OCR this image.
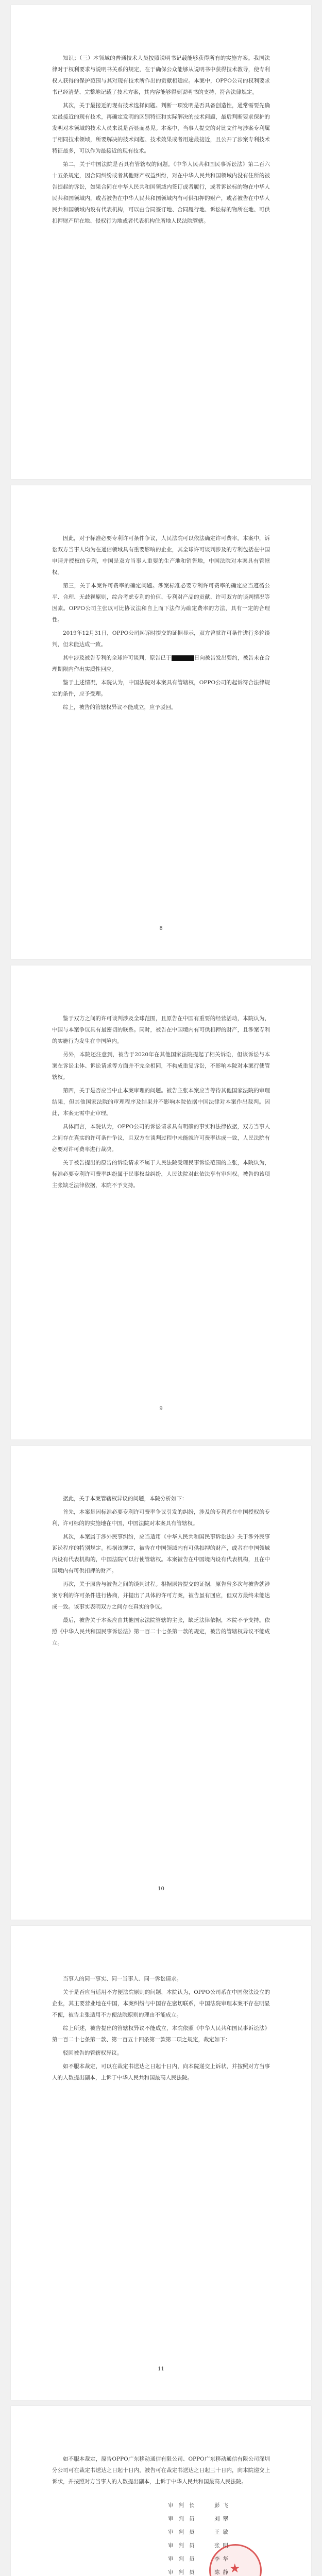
知识；（三）本领域的普通技术人员按照说明书记载能够获得所有的实施方案。我国法律对于权利要求与说明书关系的规定，在于确保公众能够从说明书中获得技术教导，使专利权人获得的保护范围与其对现有技术所作出的贡献相适应。本案中，OPPO公司的权利要求书已经清楚、完整地记载了技术方案，其内容能够得到说明书的支持，符合法律规定。

其次，关于最接近的现有技术选择问题。判断一项发明是否具备创造性，通常需要先确定最接近的现有技术，再确定发明的区别特征和实际解决的技术问题，最后判断要求保护的发明对本领域的技术人员来说是否显而易见。本案中，当事人提交的对比文件与涉案专利属于相同技术领域，所要解决的技术问题、技术效果或者用途最接近，且公开了涉案专利技术特征最多，可以作为最接近的现有技术。

第二，关于中国法院是否具有管辖权的问题。《中华人民共和国民事诉讼法》第二百六十五条规定，因合同纠纷或者其他财产权益纠纷，对在中华人民共和国领域内没有住所的被告提起的诉讼，如果合同在中华人民共和国领域内签订或者履行，或者诉讼标的物在中华人民共和国领域内，或者被告在中华人民共和国领域内有可供扣押的财产，或者被告在中华人民共和国领域内设有代表机构，可以由合同签订地、合同履行地、诉讼标的物所在地、可供扣押财产所在地、侵权行为地或者代表机构住所地人民法院管辖。

因此，对于标准必要专利许可条件争议，人民法院可以依法确定许可费率。本案中，诉讼双方当事人均为在通信领域具有重要影响的企业，其全球许可谈判涉及的专利包括在中国申请并授权的专利，中国是双方当事人重要的生产地和销售地，中国法院对本案具有管辖权。

第三，关于本案许可费率的确定问题。涉案标准必要专利许可费率的确定应当遵循公平、合理、无歧视原则，综合考虑专利的价值、专利对产品的贡献、许可双方的谈判情况等因素。OPPO公司主张以可比协议法和自上而下法作为确定费率的方法，具有一定的合理性。

2019年12月31日，OPPO公司起诉时提交的证据显示，双方曾就许可条件进行多轮谈判，但未能达成一致。

其中涉及被告专利的全球许可谈判，原告已于	日向被告发出要约，被告未在合理期限内作出实质性回应。

鉴于上述情况，本院认为，中国法院对本案具有管辖权，OPPO公司的起诉符合法律规定的条件，应予受理。

综上，被告的管辖权异议不能成立，应予驳回。

8

鉴于双方之间的许可谈判涉及全球范围，且原告在中国有重要的经营活动，本院认为，中国与本案争议具有最密切的联系。同时，被告在中国境内有可供扣押的财产，且涉案专利的实施行为发生在中国境内。

另外，本院还注意到，被告于2020年在其他国家法院提起了相关诉讼，但该诉讼与本案在诉讼主体、诉讼请求等方面并不完全相同，不构成重复诉讼，不影响本院对本案行使管辖权。

第四，关于是否应当中止本案审理的问题。被告主张本案应当等待其他国家法院的审理结果，但其他国家法院的审理程序及结果并不影响本院依据中国法律对本案作出裁判。因此，本案无需中止审理。

具体而言，本院认为，OPPO公司的诉讼请求具有明确的事实和法律依据，双方当事人之间存在真实的许可条件争议，且双方在谈判过程中未能就许可费率达成一致，人民法院有必要对许可费率进行裁决。

关于被告提出的原告的诉讼请求不属于人民法院受理民事诉讼范围的主张，本院认为，标准必要专利许可费率纠纷属于民事权益纠纷，人民法院对此依法享有审判权。被告的该项主张缺乏法律依据，本院不予支持。

9

据此，关于本案管辖权异议的问题，本院分析如下：

首先，本案是因标准必要专利许可费率争议引发的纠纷，涉及的专利系在中国授权的专利，许可标的的实施地在中国，中国法院对本案具有管辖权。

其次，本案属于涉外民事纠纷，应当适用《中华人民共和国民事诉讼法》关于涉外民事诉讼程序的特别规定。根据该规定，被告在中国领域内有可供扣押的财产，或者在中国领域内设有代表机构的，中国法院可以行使管辖权。本案被告在中国境内设有代表机构，且在中国境内有可供扣押的财产。

再次，关于原告与被告之间的谈判过程。根据原告提交的证据，原告曾多次与被告就涉案专利的许可条件进行协商，并提出了具体的许可方案，被告虽有回应，但双方最终未能达成一致。该事实表明双方之间存在真实的争议。

最后，被告关于本案应由其他国家法院管辖的主张，缺乏法律依据，本院不予支持。依照《中华人民共和国民事诉讼法》第一百二十七条第一款的规定，被告的管辖权异议不能成立。

10

当事人的同一事实、同一当事人、同一诉讼请求。

关于是否应当适用不方便法院原则的问题，本院认为，OPPO公司系在中国依法设立的企业，其主要营业地在中国，本案纠纷与中国存在密切联系，中国法院审理本案不存在明显不便，被告主张适用不方便法院原则的理由不能成立。

综上所述，被告提出的管辖权异议不能成立，本院依照《中华人民共和国民事诉讼法》第一百二十七条第一款、第一百五十四条第一款第二项之规定，裁定如下：

驳回被告的管辖权异议。

如不服本裁定，可以在裁定书送达之日起十日内，向本院递交上诉状，并按照对方当事人的人数提出副本，上诉于中华人民共和国最高人民法院。

11

如不服本裁定，原告OPPO广东移动通信有限公司、OPPO广东移动通信有限公司深圳分公司可在裁定书送达之日起十日内，被告可在裁定书送达之日起三十日内，向本院递交上诉状，并按照对方当事人的人数提出副本，上诉于中华人民共和国最高人民法院。

审判长	彭飞
审判员	刘翠
审判员	王敏
审判员	张明
审判员	李华
审判员	陈静
★
